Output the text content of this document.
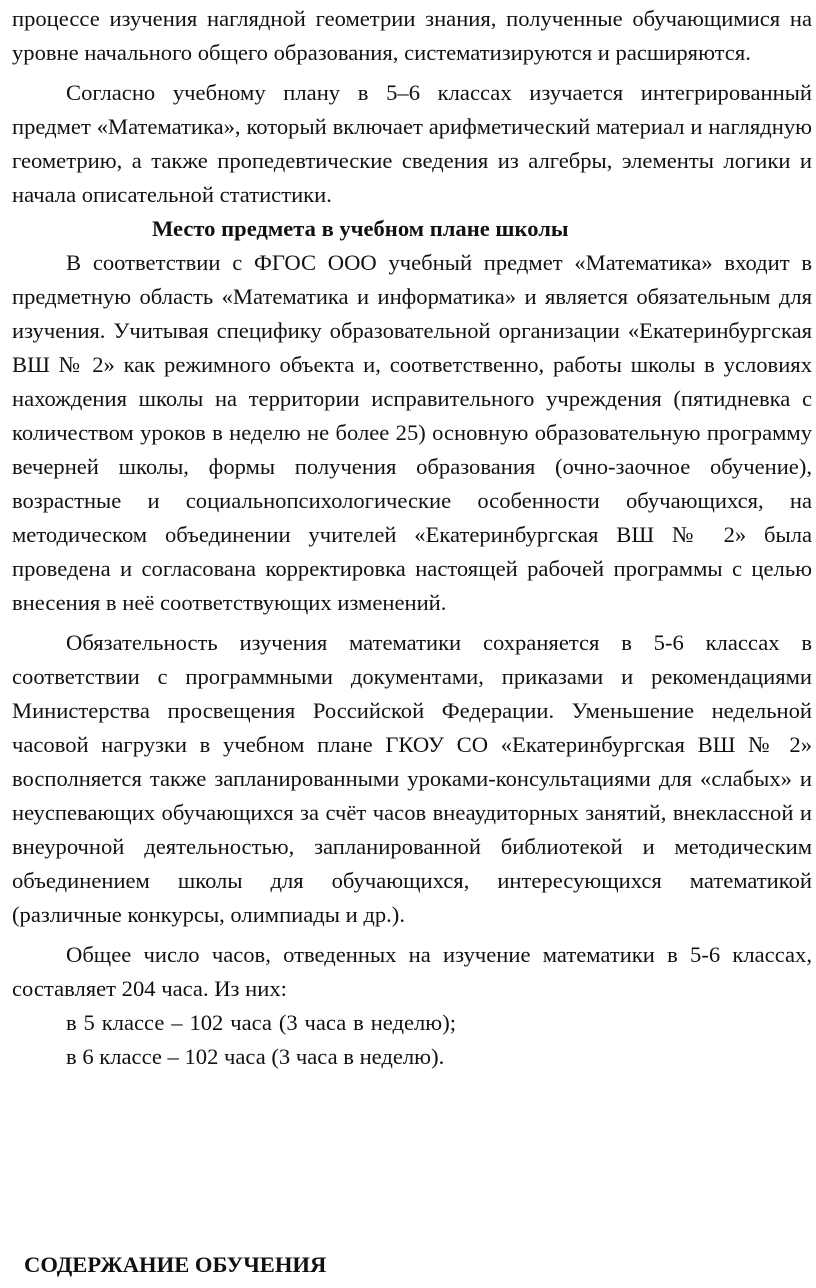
процессе изучения наглядной геометрии знания, полученные обучающимися на уровне начального общего образования, систематизируются и расширяются.

Согласно учебному плану в 5–6 классах изучается интегрированный предмет «Математика», который включает арифметический материал и наглядную геометрию, а также пропедевтические сведения из алгебры, элементы логики и начала описательной статистики.

Место предмета в учебном плане школы

В соответствии с ФГОС ООО учебный предмет «Математика» входит в предметную область «Математика и информатика» и является обязательным для изучения. Учитывая специфику образовательной организации «Екатеринбургская ВШ № 2» как режимного объекта и, соответственно, работы школы в условиях нахождения школы на территории исправительного учреждения (пятидневка с количеством уроков в неделю не более 25) основную образовательную программу вечерней школы, формы получения образования (очно-заочное обучение), возрастные и социальнопсихологические особенности обучающихся, на методическом объединении учителей «Екатеринбургская ВШ № 2» была проведена и согласована корректировка настоящей рабочей программы с целью внесения в неё соответствующих изменений.

Обязательность изучения математики сохраняется в 5-6 классах в соответствии с программными документами, приказами и рекомендациями Министерства просвещения Российской Федерации. Уменьшение недельной часовой нагрузки в учебном плане ГКОУ СО «Екатеринбургская ВШ № 2» восполняется также запланированными уроками-консультациями для «слабых» и неуспевающих обучающихся за счёт часов внеаудиторных занятий, внеклассной и внеурочной деятельностью, запланированной библиотекой и методическим объединением школы для обучающихся, интересующихся математикой (различные конкурсы, олимпиады и др.).

Общее число часов, отведенных на изучение математики в 5-6 классах, составляет 204 часа. Из них:

в 5 классе – 102 часа (3 часа в неделю); в 6 классе – 102 часа (3 часа в неделю).

СОДЕРЖАНИЕ ОБУЧЕНИЯ
